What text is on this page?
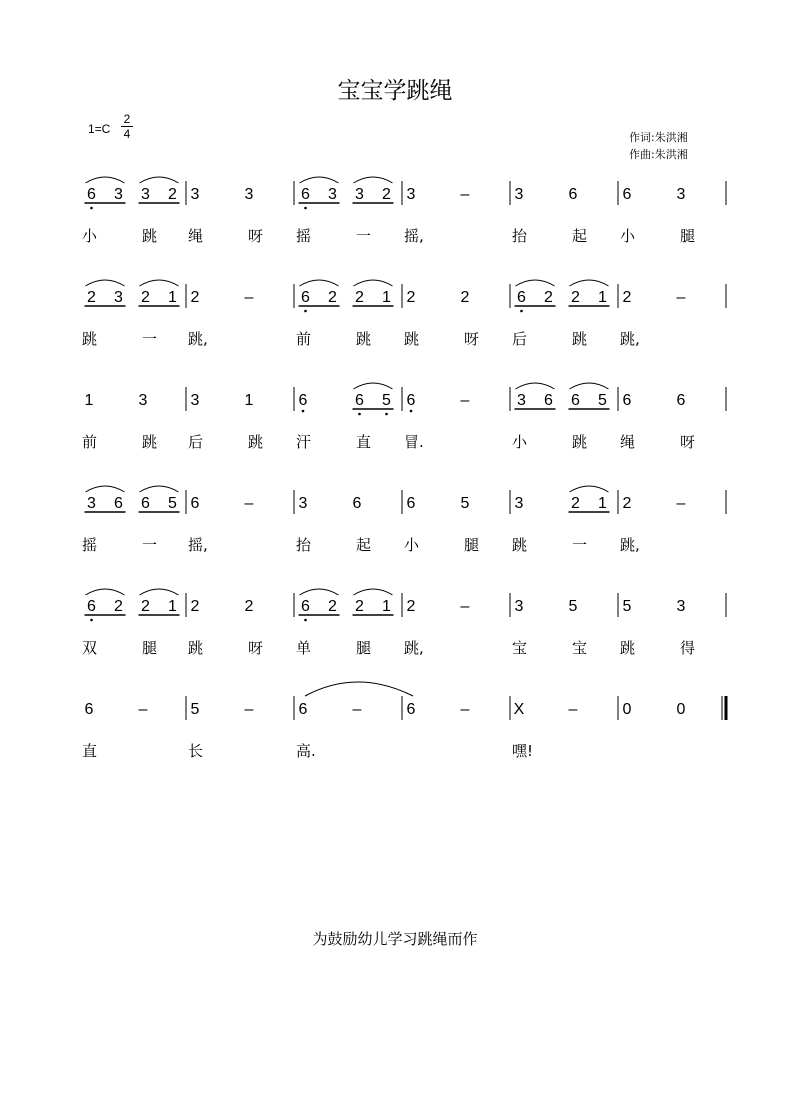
宝宝学跳绳
1=C
2
4	作词:朱洪湘
作曲:朱洪湘
6 3 3 2 3	3	6 3 3 2 3	–	3	6	6	3
小	跳 绳	呀 摇	一 摇,	抬	起 小	腿
2 3 2 1 2	–	6 2 2 1 2	2	6 2 2 1 2	–
跳	一 跳,	前	跳 跳	呀 后	跳 跳,
1	3	3	1	6	6 5 6	–	3 6 6 5 6	6
前	跳 后	跳 汗	直 冒.	小	跳 绳	呀
3 6 6 5 6	–	3	6	6	5	3	2 1 2	–
摇	一 摇,	抬	起 小	腿 跳	一 跳,
6 2 2 1 2	2	6 2 2 1 2	–	3	5	5	3
双	腿 跳	呀 单	腿 跳,	宝	宝 跳	得
6	–	5	–	6	–	6	–	X	–	0	0
直	长	高.	嘿!
为鼓励幼儿学习跳绳而作
